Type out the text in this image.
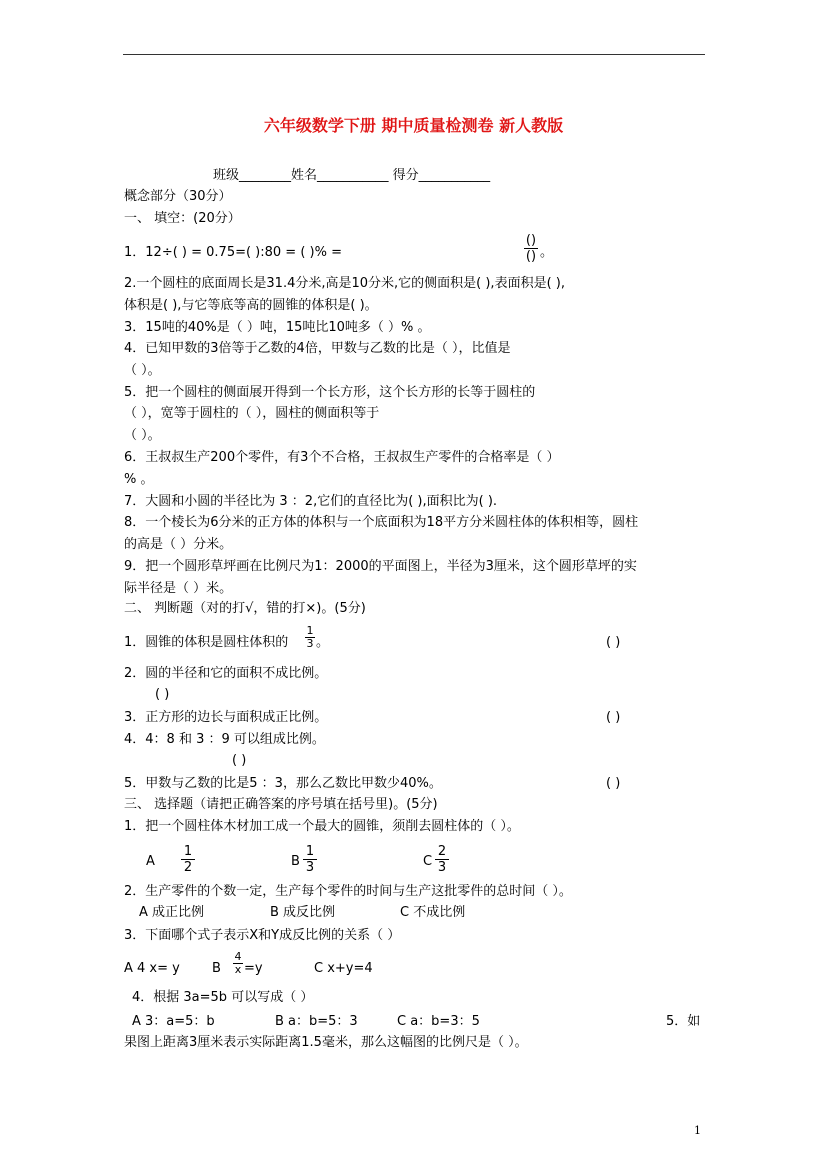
六年级数学下册 期中质量检测卷 新人教版
班级________姓名___________ 得分___________
概念部分（30分）
一、 填空：(20分）
1．12÷( ) = 0.75=( ):80 = ( )% =
()
() 。
2.一个圆柱的底面周长是31.4分米,高是10分米,它的侧面积是( ),表面积是( ),
体积是( ),与它等底等高的圆锥的体积是( )。
3．15吨的40%是（ ）吨，15吨比10吨多（ ）% 。
4．已知甲数的3倍等于乙数的4倍，甲数与乙数的比是（ ），比值是
（ ）。
5．把一个圆柱的侧面展开得到一个长方形，这个长方形的长等于圆柱的
（ ），宽等于圆柱的（ ），圆柱的侧面积等于
（ ）。
6．王叔叔生产200个零件，有3个不合格，王叔叔生产零件的合格率是（ ）
% 。
7．大圆和小圆的半径比为 3 ：2,它们的直径比为( ),面积比为( ).
8．一个棱长为6分米的正方体的体积与一个底面积为18平方分米圆柱体的体积相等，圆柱
的高是（ ）分米。
9．把一个圆形草坪画在比例尺为1：2000的平面图上，半径为3厘米，这个圆形草坪的实
际半径是（ ）米。
二、 判断题（对的打√，错的打×)。(5分)
1．圆锥的体积是圆柱体积的 $\frac{1}{3}$ 。	( )
2．圆的半径和它的面积不成比例。
( )
3．正方形的边长与面积成正比例。	( )
4．4：8 和 3 ：9 可以组成比例。
( )
5．甲数与乙数的比是5 ：3，那么乙数比甲数少40%。	( )
三、 选择题（请把正确答案的序号填在括号里)。(5分)
1．把一个圆柱体木材加工成一个最大的圆锥，须削去圆柱体的（ ）。
A $\frac{1}{2}$	B $\frac{1}{3}$	C $\frac{2}{3}$
2．生产零件的个数一定，生产每个零件的时间与生产这批零件的总时间（ ）。
A 成正比例	B 成反比例	C 不成比例
3．下面哪个式子表示X和Y成反比例的关系（ ）
A 4 x= y B $\frac{4}{x} =y$	C x+y=4
4．根据 3a=5b 可以写成（ ）
A 3：a=5：b	B a：b=5：3	C a：b=3：5	5．如
果图上距离3厘米表示实际距离1.5毫米，那么这幅图的比例尺是（ ）。
1
